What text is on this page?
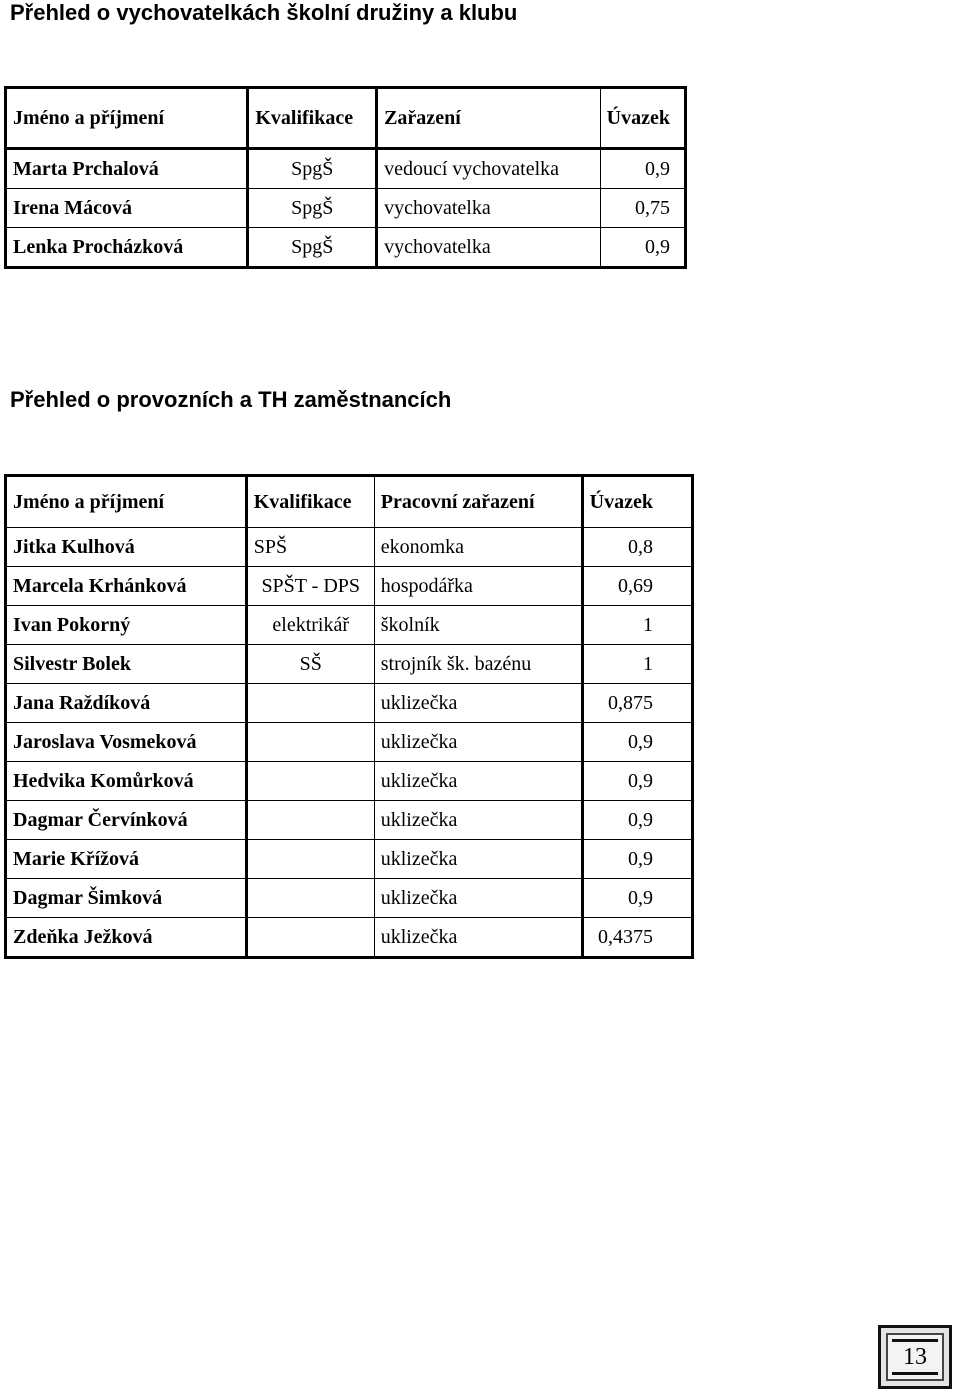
Přehled o vychovatelkách školní družiny a klubu
Jméno a příjmení	Kvalifikace	Zařazení	Úvazek
Marta Prchalová	SpgŠ	vedoucí vychovatelka	0,9
Irena Mácová	SpgŠ	vychovatelka	0,75
Lenka Procházková	SpgŠ	vychovatelka	0,9
Přehled o provozních a TH zaměstnancích
Jméno a příjmení	Kvalifikace	Pracovní zařazení	Úvazek
Jitka Kulhová	SPŠ	ekonomka	0,8
Marcela Krhánková	SPŠT - DPS	hospodářka	0,69
Ivan Pokorný	elektrikář	školník	1
Silvestr Bolek	SŠ	strojník šk. bazénu	1
Jana Raždíková		uklizečka	0,875
Jaroslava Vosmeková		uklizečka	0,9
Hedvika Komůrková		uklizečka	0,9
Dagmar Červínková		uklizečka	0,9
Marie Křížová		uklizečka	0,9
Dagmar Šimková		uklizečka	0,9
Zdeňka Ježková		uklizečka	0,4375
13
